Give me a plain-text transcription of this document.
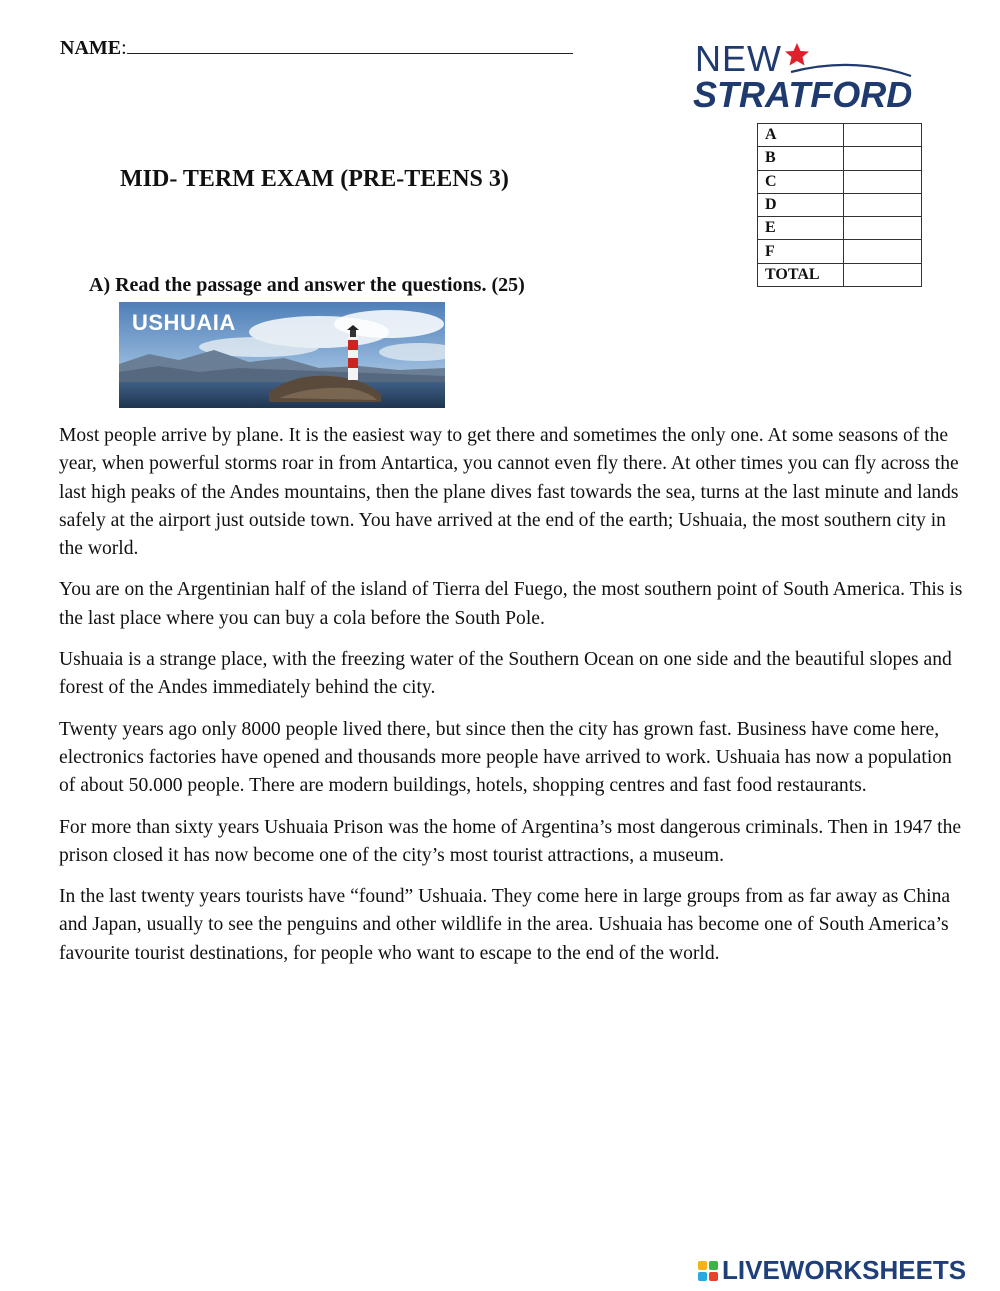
NAME:	NEW
STRATFORD
A	
B	
C	
D	
E	
F	
TOTAL	
MID- TERM EXAM (PRE-TEENS 3)
A) Read the passage and answer the questions. (25)
USHUAIA

Most people arrive by plane. It is the easiest way to get there and sometimes the only one. At some seasons of the year, when powerful storms roar in from Antartica, you cannot even fly there. At other times you can fly across the last high peaks of the Andes mountains, then the plane dives fast towards the sea, turns at the last minute and lands safely at the airport just outside town. You have arrived at the end of the earth; Ushuaia, the most southern city in the world.

You are on the Argentinian half of the island of Tierra del Fuego, the most southern point of South America. This is the last place where you can buy a cola before the South Pole.

Ushuaia is a strange place, with the freezing water of the Southern Ocean on one side and the beautiful slopes and forest of the Andes immediately behind the city.

Twenty years ago only 8000 people lived there, but since then the city has grown fast. Business have come here, electronics factories have opened and thousands more people have arrived to work. Ushuaia has now a population of about 50.000 people. There are modern buildings, hotels, shopping centres and fast food restaurants.

For more than sixty years Ushuaia Prison was the home of Argentina’s most dangerous criminals. Then in 1947 the prison closed it has now become one of the city’s most tourist attractions, a museum.

In the last twenty years tourists have “found” Ushuaia. They come here in large groups from as far away as China and Japan, usually to see the penguins and other wildlife in the area. Ushuaia has become one of South America’s favourite tourist destinations, for people who want to escape to the end of the world.

LIVEWORKSHEETS
